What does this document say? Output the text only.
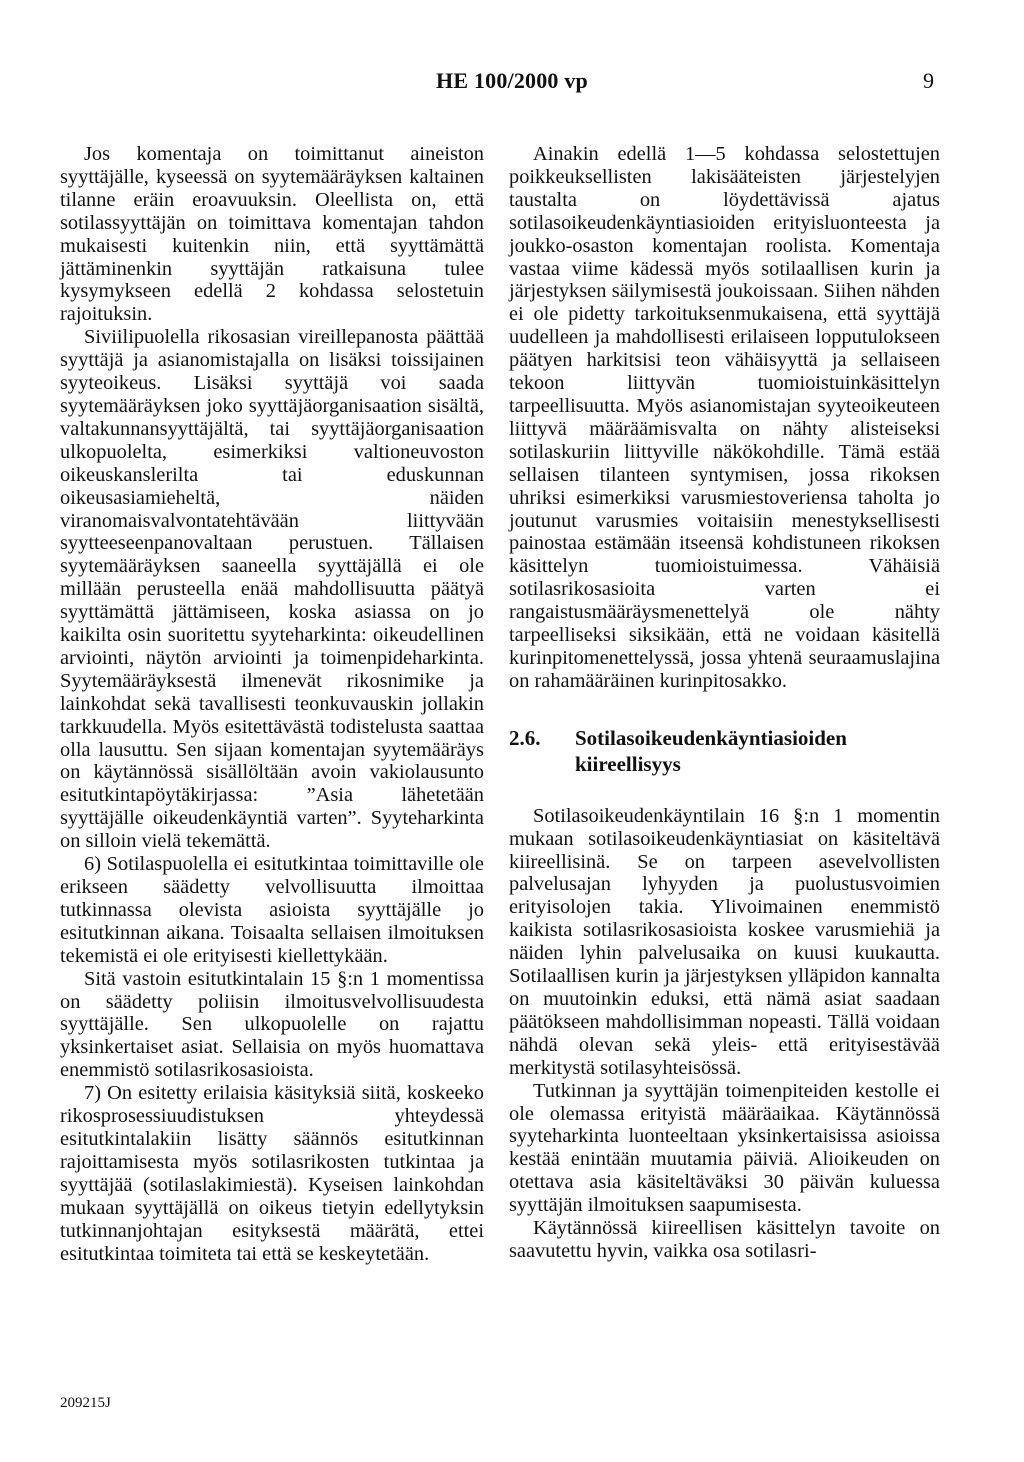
HE 100/2000 vp	9

Jos komentaja on toimittanut aineiston syyttäjälle, kyseessä on syytemääräyksen kaltainen tilanne eräin eroavuuksin. Oleellista on, että sotilassyyttäjän on toimittava komentajan tahdon mukaisesti kuitenkin niin, että syyttämättä jättäminenkin syyttäjän ratkaisuna tulee kysymykseen edellä 2 kohdassa selostetuin rajoituksin.

Siviilipuolella rikosasian vireillepanosta päättää syyttäjä ja asianomistajalla on lisäksi toissijainen syyteoikeus. Lisäksi syyttäjä voi saada syytemääräyksen joko syyttäjäorganisaation sisältä, valtakunnansyyttäjältä, tai syyttäjäorganisaation ulkopuolelta, esimerkiksi valtioneuvoston oikeuskanslerilta tai eduskunnan oikeusasiamieheltä, näiden viranomaisvalvontatehtävään liittyvään syytteeseenpanovaltaan perustuen. Tällaisen syytemääräyksen saaneella syyttäjällä ei ole millään perusteella enää mahdollisuutta päätyä syyttämättä jättämiseen, koska asiassa on jo kaikilta osin suoritettu syyteharkinta: oikeudellinen arviointi, näytön arviointi ja toimenpideharkinta. Syytemääräyksestä ilmenevät rikosnimike ja lainkohdat sekä tavallisesti teonkuvauskin jollakin tarkkuudella. Myös esitettävästä todistelusta saattaa olla lausuttu. Sen sijaan komentajan syytemääräys on käytännössä sisällöltään avoin vakiolausunto esitutkintapöytäkirjassa: ”Asia lähetetään syyttäjälle oikeudenkäyntiä varten”. Syyteharkinta on silloin vielä tekemättä.

6) Sotilaspuolella ei esitutkintaa toimittaville ole erikseen säädetty velvollisuutta ilmoittaa tutkinnassa olevista asioista syyttäjälle jo esitutkinnan aikana. Toisaalta sellaisen ilmoituksen tekemistä ei ole erityisesti kiellettykään.

Sitä vastoin esitutkintalain 15 §:n 1 momentissa on säädetty poliisin ilmoitusvelvollisuudesta syyttäjälle. Sen ulkopuolelle on rajattu yksinkertaiset asiat. Sellaisia on myös huomattava enemmistö sotilasrikosasioista.

7) On esitetty erilaisia käsityksiä siitä, koskeeko rikosprosessiuudistuksen yhteydessä esitutkintalakiin lisätty säännös esitutkinnan rajoittamisesta myös sotilasrikosten tutkintaa ja syyttäjää (sotilaslakimiestä). Kyseisen lainkohdan mukaan syyttäjällä on oikeus tietyin edellytyksin tutkinnanjohtajan esityksestä määrätä, ettei esitutkintaa toimiteta tai että se keskeytetään.

Ainakin edellä 1—5 kohdassa selostettujen poikkeuksellisten lakisääteisten järjestelyjen taustalta on löydettävissä ajatus sotilasoikeudenkäyntiasioiden erityisluonteesta ja joukko-osaston komentajan roolista. Komentaja vastaa viime kädessä myös sotilaallisen kurin ja järjestyksen säilymisestä joukoissaan. Siihen nähden ei ole pidetty tarkoituksenmukaisena, että syyttäjä uudelleen ja mahdollisesti erilaiseen lopputulokseen päätyen harkitsisi teon vähäisyyttä ja sellaiseen tekoon liittyvän tuomioistuinkäsittelyn tarpeellisuutta. Myös asianomistajan syyteoikeuteen liittyvä määräämisvalta on nähty alisteiseksi sotilaskuriin liittyville näkökohdille. Tämä estää sellaisen tilanteen syntymisen, jossa rikoksen uhriksi esimerkiksi varusmiestoveriensa taholta jo joutunut varusmies voitaisiin menestyksellisesti painostaa estämään itseensä kohdistuneen rikoksen käsittelyn tuomioistuimessa. Vähäisiä sotilasrikosasioita varten ei rangaistusmääräysmenettelyä ole nähty tarpeelliseksi siksikään, että ne voidaan käsitellä kurinpitomenettelyssä, jossa yhtenä seuraamuslajina on rahamääräinen kurinpitosakko.

2.6.	Sotilasoikeudenkäyntiasioiden kiireellisyys

Sotilasoikeudenkäyntilain 16 §:n 1 momentin mukaan sotilasoikeudenkäyntiasiat on käsiteltävä kiireellisinä. Se on tarpeen asevelvollisten palvelusajan lyhyyden ja puolustusvoimien erityisolojen takia. Ylivoimainen enemmistö kaikista sotilasrikosasioista koskee varusmiehiä ja näiden lyhin palvelusaika on kuusi kuukautta. Sotilaallisen kurin ja järjestyksen ylläpidon kannalta on muutoinkin eduksi, että nämä asiat saadaan päätökseen mahdollisimman nopeasti. Tällä voidaan nähdä olevan sekä yleis- että erityisestävää merkitystä sotilasyhteisössä.

Tutkinnan ja syyttäjän toimenpiteiden kestolle ei ole olemassa erityistä määräaikaa. Käytännössä syyteharkinta luonteeltaan yksinkertaisissa asioissa kestää enintään muutamia päiviä. Alioikeuden on otettava asia käsiteltäväksi 30 päivän kuluessa syyttäjän ilmoituksen saapumisesta.

Käytännössä kiireellisen käsittelyn tavoite on saavutettu hyvin, vaikka osa sotilasri-

209215J
